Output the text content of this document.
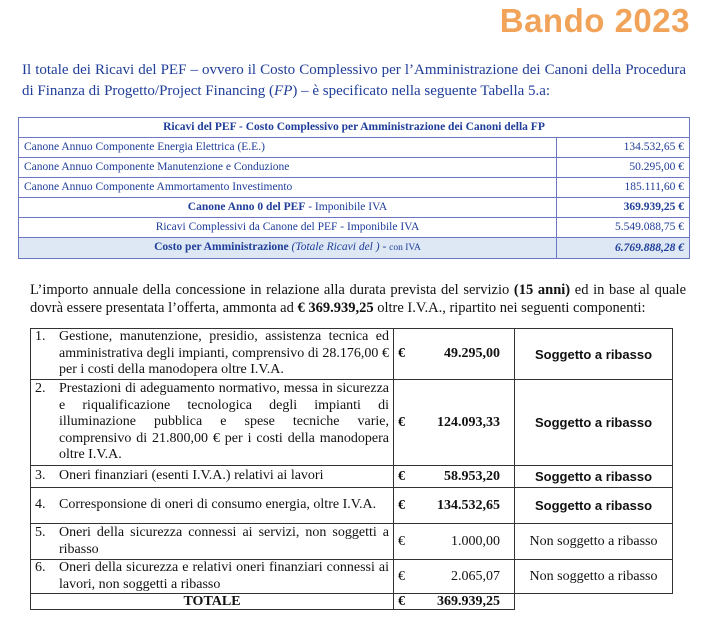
Bando 2023
Il totale dei Ricavi del PEF – ovvero il Costo Complessivo per l’Amministrazione dei Canoni della Procedura di Finanza di Progetto/Project Financing (FP) – è specificato nella seguente Tabella 5.a:
Ricavi del PEF - Costo Complessivo per Amministrazione dei Canoni della FP	
Canone Annuo Componente Energia Elettrica (E.E.)	134.532,65 €
Canone Annuo Componente Manutenzione e Conduzione	50.295,00 €
Canone Annuo Componente Ammortamento Investimento	185.111,60 €
Canone Anno 0 del PEF - Imponibile IVA	369.939,25 €
Ricavi Complessivi da Canone del PEF - Imponibile IVA	5.549.088,75 €
Costo per Amministrazione (Totale Ricavi del ) - con IVA	6.769.888,28 €
L’importo annuale della concessione in relazione alla durata prevista del servizio (15 anni) ed in base al quale dovrà essere presentata l’offerta, ammonta ad € 369.939,25 oltre I.V.A., ripartito nei seguenti componenti:
1. Gestione, manutenzione, presidio, assistenza tecnica ed amministrativa degli impianti, comprensivo di 28.176,00 € per i costi della manodopera oltre I.V.A.	€ 49.295,00	Soggetto a ribasso

2. Prestazioni di adeguamento normativo, messa in sicurezza e riqualificazione tecnologica degli impianti di illuminazione pubblica e spese tecniche varie, comprensivo di 21.800,00 € per i costi della manodopera oltre I.V.A.	€ 124.093,33	Soggetto a ribasso

3. Oneri finanziari (esenti I.V.A.) relativi ai lavori	€ 58.953,20	Soggetto a ribasso

4. Corresponsione di oneri di consumo energia, oltre I.V.A.	€ 134.532,65	Soggetto a ribasso

5. Oneri della sicurezza connessi ai servizi, non soggetti a ribasso	€ 1.000,00	Non soggetto a ribasso

6. Oneri della sicurezza e relativi oneri finanziari connessi ai lavori, non soggetti a ribasso	€ 2.065,07	Non soggetto a ribasso
TOTALE	€ 369.939,25	
